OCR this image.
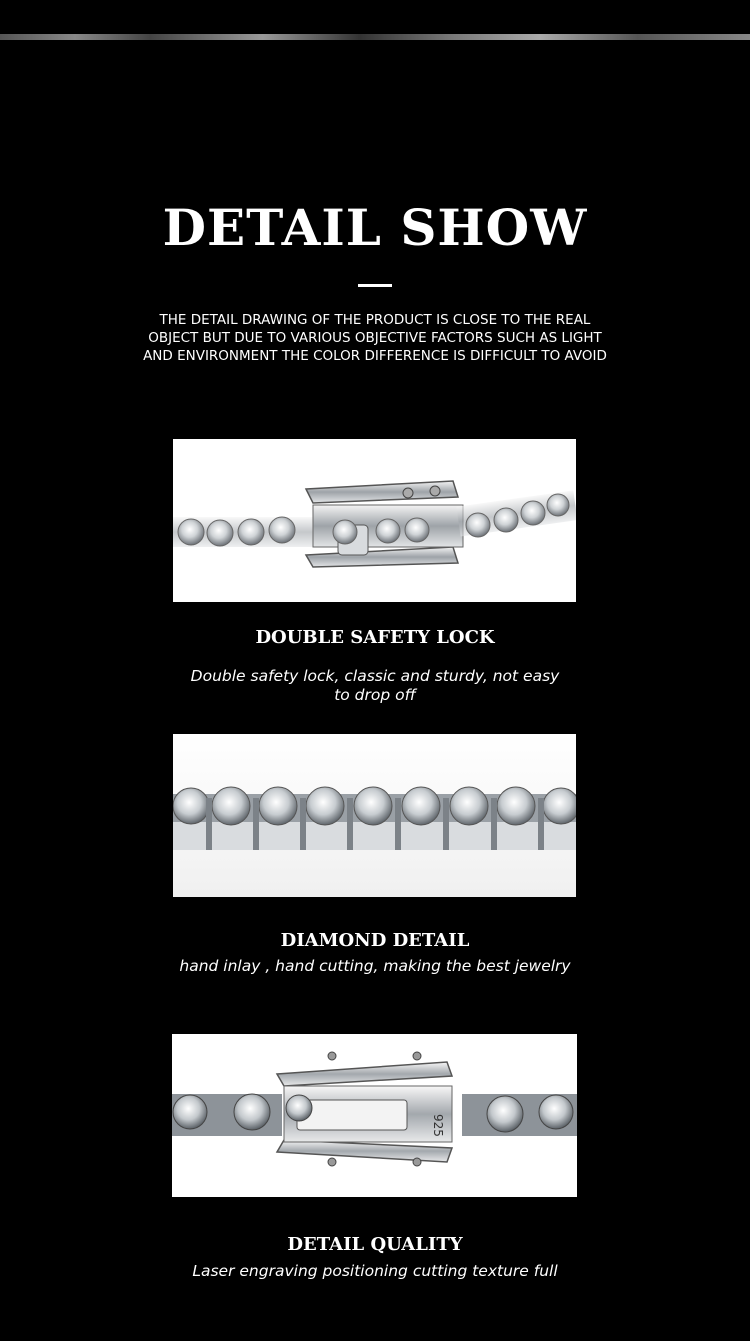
DETAIL SHOW

THE DETAIL DRAWING OF THE PRODUCT IS CLOSE TO THE REAL OBJECT BUT DUE TO VARIOUS OBJECTIVE FACTORS SUCH AS LIGHT AND ENVIRONMENT THE COLOR DIFFERENCE IS DIFFICULT TO AVOID

DOUBLE SAFETY LOCK

Double safety lock, classic and sturdy, not easy to drop off

DIAMOND DETAIL

hand inlay , hand cutting, making the best jewelry

925
DETAIL QUALITY

Laser engraving positioning cutting texture full
